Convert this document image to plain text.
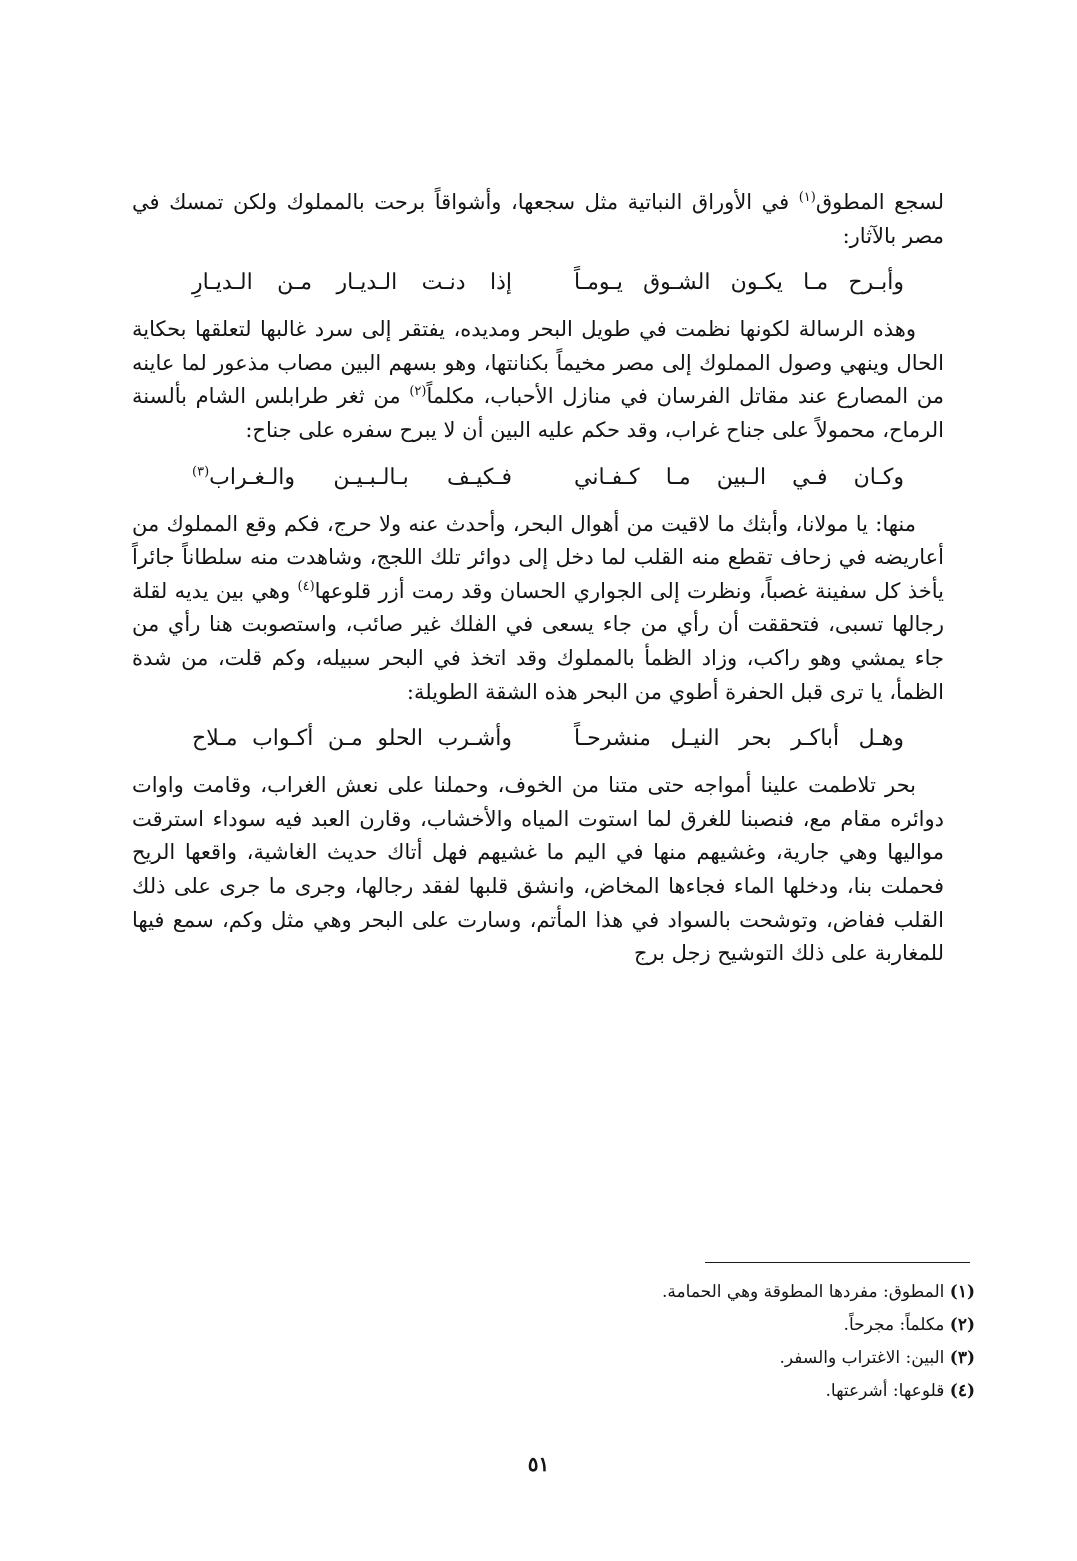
لسجع المطوق$^{(١)}$ في الأوراق النباتية مثل سجعها، وأشواقاً برحت بالمملوك ولكن تمسك في مصر بالآثار:

وأبـرح مـا يكـون الشـوق يـومـاً
إذا دنـت الـديـار مـن الـديـارِ

وهذه الرسالة لكونها نظمت في طويل البحر ومديده، يفتقر إلى سرد غالبها لتعلقها بحكاية الحال وينهي وصول المملوك إلى مصر مخيماً بكنانتها، وهو بسهم البين مصاب مذعور لما عاينه من المصارع عند مقاتل الفرسان في منازل الأحباب، مكلماً$^{(٢)}$ من ثغر طرابلس الشام بألسنة الرماح، محمولاً على جناح غراب، وقد حكم عليه البين أن لا يبرح سفره على جناح:

وكـان فـي الـبين مـا كـفـاني
فـكيـف بـالـبـيـن والـغـراب$^{(٣)}$

منها: يا مولانا، وأبثك ما لاقيت من أهوال البحر، وأحدث عنه ولا حرج، فكم وقع المملوك من أعاريضه في زحاف تقطع منه القلب لما دخل إلى دوائر تلك اللجج، وشاهدت منه سلطاناً جائراً يأخذ كل سفينة غصباً، ونظرت إلى الجواري الحسان وقد رمت أزر قلوعها$^{(٤)}$ وهي بين يديه لقلة رجالها تسبى، فتحققت أن رأي من جاء يسعى في الفلك غير صائب، واستصوبت هنا رأي من جاء يمشي وهو راكب، وزاد الظمأ بالمملوك وقد اتخذ في البحر سبيله، وكم قلت، من شدة الظمأ، يا ترى قبل الحفرة أطوي من البحر هذه الشقة الطويلة:

وهـل أباكـر بحر النيـل منشرحـاً
وأشـرب الحلو مـن أكـواب مـلاح

بحر تلاطمت علينا أمواجه حتى متنا من الخوف، وحملنا على نعش الغراب، وقامت واوات دوائره مقام مع، فنصبنا للغرق لما استوت المياه والأخشاب، وقارن العبد فيه سوداء استرقت مواليها وهي جارية، وغشيهم منها في اليم ما غشيهم فهل أتاك حديث الغاشية، واقعها الريح فحملت بنا، ودخلها الماء فجاءها المخاض، وانشق قلبها لفقد رجالها، وجرى ما جرى على ذلك القلب ففاض، وتوشحت بالسواد في هذا المأتم، وسارت على البحر وهي مثل وكم، سمع فيها للمغاربة على ذلك التوشيح زجل برج

(١) المطوق: مفردها المطوقة وهي الحمامة.
(٢) مكلماً: مجرحاً.
(٣) البين: الاغتراب والسفر.
(٤) قلوعها: أشرعتها.
٥١
